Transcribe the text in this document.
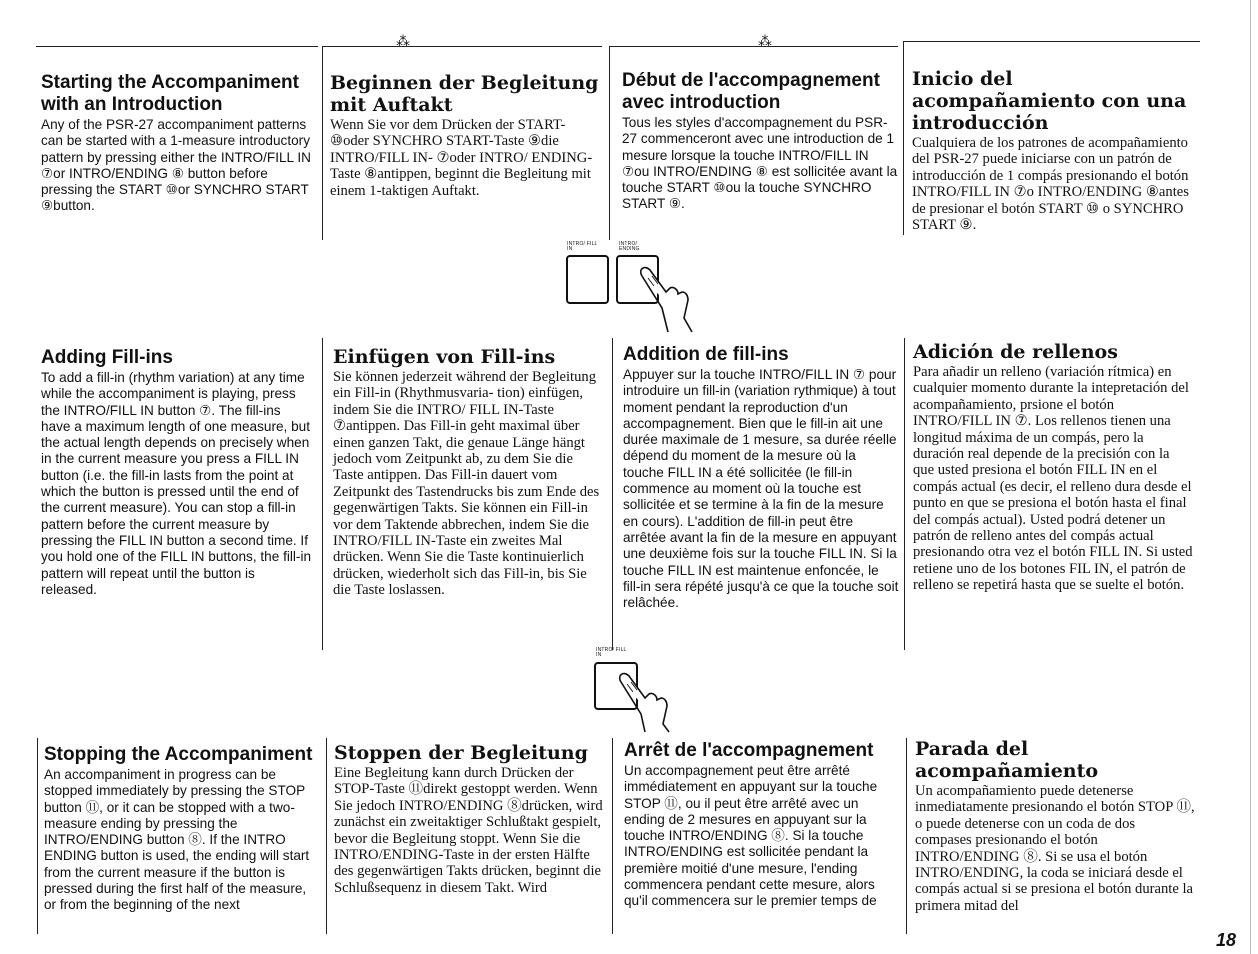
⁂	⁂
Starting the Accompaniment with an Introduction

Any of the PSR-27 accompaniment patterns can be started with a 1-measure introductory pattern by pressing either the INTRO/FILL IN ⑦or INTRO/ENDING ⑧ button before pressing the START ⑩or SYNCHRO START ⑨button.

Beginnen der Begleitung mit Auftakt

Wenn Sie vor dem Drücken der START- ⑩oder SYNCHRO START-Taste ⑨die INTRO/FILL IN- ⑦oder INTRO/ ENDING-Taste ⑧antippen, beginnt die Begleitung mit einem 1-taktigen Auftakt.

Début de l'accompagnement avec introduction

Tous les styles d'accompagnement du PSR-27 commenceront avec une introduction de 1 mesure lorsque la touche INTRO/FILL IN ⑦ou INTRO/ENDING ⑧ est sollicitée avant la touche START ⑩ou la touche SYNCHRO START ⑨.

Inicio del acompañamiento con una introducción

Cualquiera de los patrones de acompañamiento del PSR-27 puede iniciarse con un patrón de introducción de 1 compás presionando el botón INTRO/FILL IN ⑦o INTRO/ENDING ⑧antes de presionar el botón START ⑩ o SYNCHRO START ⑨.

INTRO/ FILL IN
INTRO/ ENDING
Adding Fill-ins

To add a fill-in (rhythm variation) at any time while the accompaniment is playing, press the INTRO/FILL IN button ⑦. The fill-ins have a maximum length of one measure, but the actual length depends on precisely when in the current measure you press a FILL IN button (i.e. the fill-in lasts from the point at which the button is pressed until the end of the current measure). You can stop a fill-in pattern before the current measure by pressing the FILL IN button a second time. If you hold one of the FILL IN buttons, the fill-in pattern will repeat until the button is released.

Einfügen von Fill-ins

Sie können jederzeit während der Begleitung ein Fill-in (Rhythmusvaria- tion) einfügen, indem Sie die INTRO/ FILL IN-Taste ⑦antippen. Das Fill-in geht maximal über einen ganzen Takt, die genaue Länge hängt jedoch vom Zeitpunkt ab, zu dem Sie die Taste antippen. Das Fill-in dauert vom Zeitpunkt des Tastendrucks bis zum Ende des gegenwärtigen Takts. Sie können ein Fill-in vor dem Taktende abbrechen, indem Sie die INTRO/FILL IN-Taste ein zweites Mal drücken. Wenn Sie die Taste kontinuierlich drücken, wiederholt sich das Fill-in, bis Sie die Taste loslassen.

Addition de fill-ins

Appuyer sur la touche INTRO/FILL IN ⑦ pour introduire un fill-in (variation rythmique) à tout moment pendant la reproduction d'un accompagnement. Bien que le fill-in ait une durée maximale de 1 mesure, sa durée réelle dépend du moment de la mesure où la touche FILL IN a été sollicitée (le fill-in commence au moment où la touche est sollicitée et se termine à la fin de la mesure en cours). L'addition de fill-in peut être arrêtée avant la fin de la mesure en appuyant une deuxième fois sur la touche FILL IN. Si la touche FILL IN est maintenue enfoncée, le fill-in sera répété jusqu'à ce que la touche soit relâchée.

Adición de rellenos

Para añadir un relleno (variación rítmica) en cualquier momento durante la intepretación del acompañamiento, prsione el botón INTRO/FILL IN ⑦. Los rellenos tienen una longitud máxima de un compás, pero la duración real depende de la precisión con la que usted presiona el botón FILL IN en el compás actual (es decir, el relleno dura desde el punto en que se presiona el botón hasta el final del compás actual). Usted podrá detener un patrón de relleno antes del compás actual presionando otra vez el botón FILL IN. Si usted retiene uno de los botones FIL IN, el patrón de relleno se repetirá hasta que se suelte el botón.

INTRO/ FILL IN
Stopping the Accompaniment

An accompaniment in progress can be stopped immediately by pressing the STOP button ⑪, or it can be stopped with a two-measure ending by pressing the INTRO/ENDING button ⑧. If the INTRO ENDING button is used, the ending will start from the current measure if the button is pressed during the first half of the measure, or from the beginning of the next

Stoppen der Begleitung

Eine Begleitung kann durch Drücken der STOP-Taste ⑪direkt gestoppt werden. Wenn Sie jedoch INTRO/ENDING ⑧drücken, wird zunächst ein zweitaktiger Schlußtakt gespielt, bevor die Begleitung stoppt. Wenn Sie die INTRO/ENDING-Taste in der ersten Hälfte des gegenwärtigen Takts drücken, beginnt die Schlußsequenz in diesem Takt. Wird

Arrêt de l'accompagnement

Un accompagnement peut être arrêté immédiatement en appuyant sur la touche STOP ⑪, ou il peut être arrêté avec un ending de 2 mesures en appuyant sur la touche INTRO/ENDING ⑧. Si la touche INTRO/ENDING est sollicitée pendant la première moitié d'une mesure, l'ending commencera pendant cette mesure, alors qu'il commencera sur le premier temps de

Parada del acompañamiento

Un acompañamiento puede detenerse inmediatamente presionando el botón STOP ⑪, o puede detenerse con un coda de dos compases presionando el botón INTRO/ENDING ⑧. Si se usa el botón INTRO/ENDING, la coda se iniciará desde el compás actual si se presiona el botón durante la primera mitad del

18
